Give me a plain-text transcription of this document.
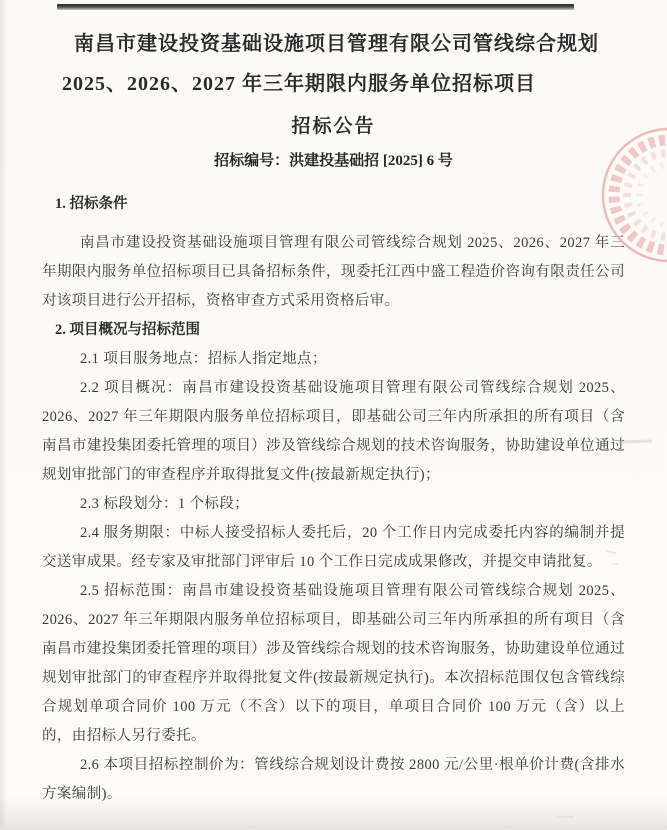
南昌市建设投资基础设施项目管理有限公司管线综合规划
2025、2026、2027 年三年期限内服务单位招标项目
招标公告
招标编号：洪建投基础招 [2025] 6 号
1. 招标条件

南昌市建设投资基础设施项目管理有限公司管线综合规划 2025、2026、2027 年三年期限内服务单位招标项目已具备招标条件，现委托江西中盛工程造价咨询有限责任公司对该项目进行公开招标，资格审查方式采用资格后审。

2. 项目概况与招标范围

2.1 项目服务地点：招标人指定地点；

2.2 项目概况：南昌市建设投资基础设施项目管理有限公司管线综合规划 2025、2026、2027 年三年期限内服务单位招标项目，即基础公司三年内所承担的所有项目（含南昌市建投集团委托管理的项目）涉及管线综合规划的技术咨询服务，协助建设单位通过规划审批部门的审查程序并取得批复文件(按最新规定执行)；

2.3 标段划分：1 个标段；

2.4 服务期限：中标人接受招标人委托后，20 个工作日内完成委托内容的编制并提交送审成果。经专家及审批部门评审后 10 个工作日完成成果修改，并提交申请批复。

2.5 招标范围：南昌市建设投资基础设施项目管理有限公司管线综合规划 2025、2026、2027 年三年期限内服务单位招标项目，即基础公司三年内所承担的所有项目（含南昌市建投集团委托管理的项目）涉及管线综合规划的技术咨询服务，协助建设单位通过规划审批部门的审查程序并取得批复文件(按最新规定执行)。本次招标范围仅包含管线综合规划单项合同价 100 万元（不含）以下的项目，单项目合同价 100 万元（含）以上的，由招标人另行委托。

2.6 本项目招标控制价为：管线综合规划设计费按 2800 元/公里·根单价计费(含排水方案编制)。
